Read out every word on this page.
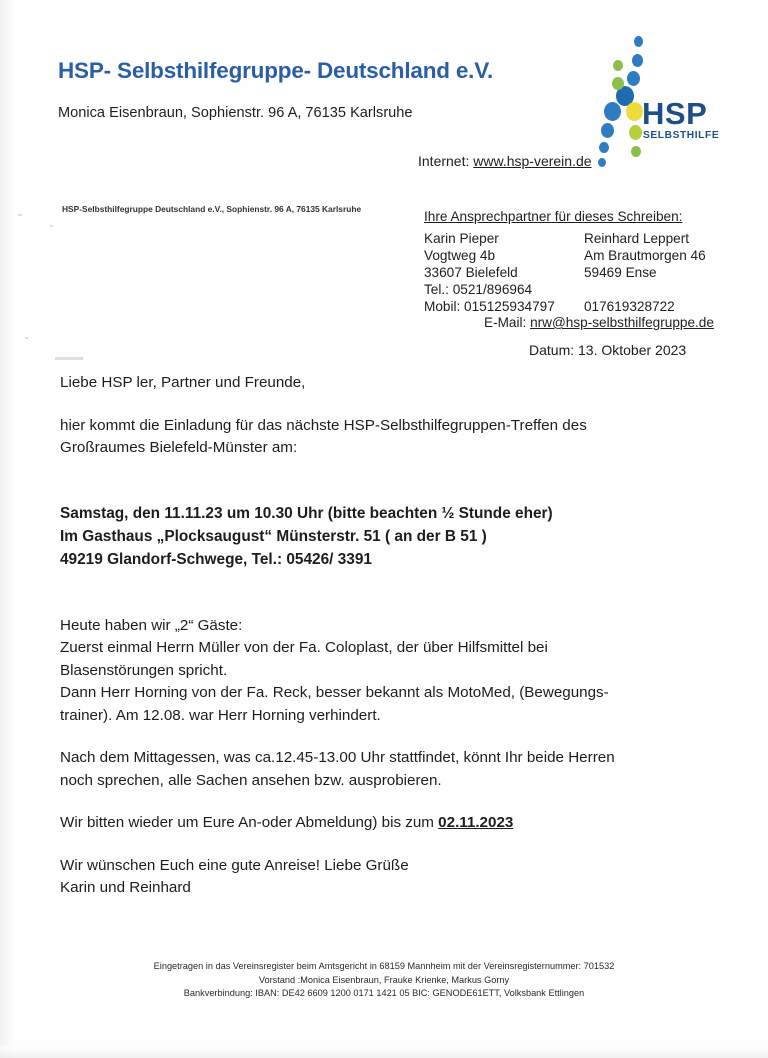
HSP- Selbsthilfegruppe- Deutschland e.V.
Monica Eisenbraun, Sophienstr. 96 A, 76135 Karlsruhe
Internet: www.hsp-verein.de
HSP
SELBSTHILFE
HSP-Selbsthilfegruppe Deutschland e.V., Sophienstr. 96 A, 76135 Karlsruhe	Ihre Ansprechpartner für dieses Schreiben:
Karin Pieper
Vogtweg 4b
33607 Bielefeld
Tel.: 0521/896964
Mobil: 015125934797
Reinhard Leppert
Am Brautmorgen 46
59469 Ense

017619328722
E-Mail: nrw@hsp-selbsthilfegruppe.de
Datum: 13. Oktober 2023

Liebe HSP ler, Partner und Freunde,

hier kommt die Einladung für das nächste HSP-Selbsthilfegruppen-Treffen des
Großraumes Bielefeld-Münster am:

Samstag, den 11.11.23 um 10.30 Uhr (bitte beachten ½ Stunde eher)
Im Gasthaus „Plocksaugust“ Münsterstr. 51 ( an der B 51 )
49219 Glandorf-Schwege, Tel.: 05426/ 3391

Heute haben wir „2“ Gäste:
Zuerst einmal Herrn Müller von der Fa. Coloplast, der über Hilfsmittel bei
Blasenstörungen spricht.
Dann Herr Horning von der Fa. Reck, besser bekannt als MotoMed, (Bewegungs-
trainer). Am 12.08. war Herr Horning verhindert.

Nach dem Mittagessen, was ca.12.45-13.00 Uhr stattfindet, könnt Ihr beide Herren
noch sprechen, alle Sachen ansehen bzw. ausprobieren.

Wir bitten wieder um Eure An-oder Abmeldung) bis zum 02.11.2023

Wir wünschen Euch eine gute Anreise! Liebe Grüße
Karin und Reinhard

Eingetragen in das Vereinsregister beim Amtsgericht in 68159 Mannheim mit der Vereinsregisternummer: 701532
Vorstand :Monica Eisenbraun, Frauke Krienke, Markus Gorny
Bankverbindung: IBAN: DE42 6609 1200 0171 1421 05 BIC: GENODE61ETT, Volksbank Ettlingen
